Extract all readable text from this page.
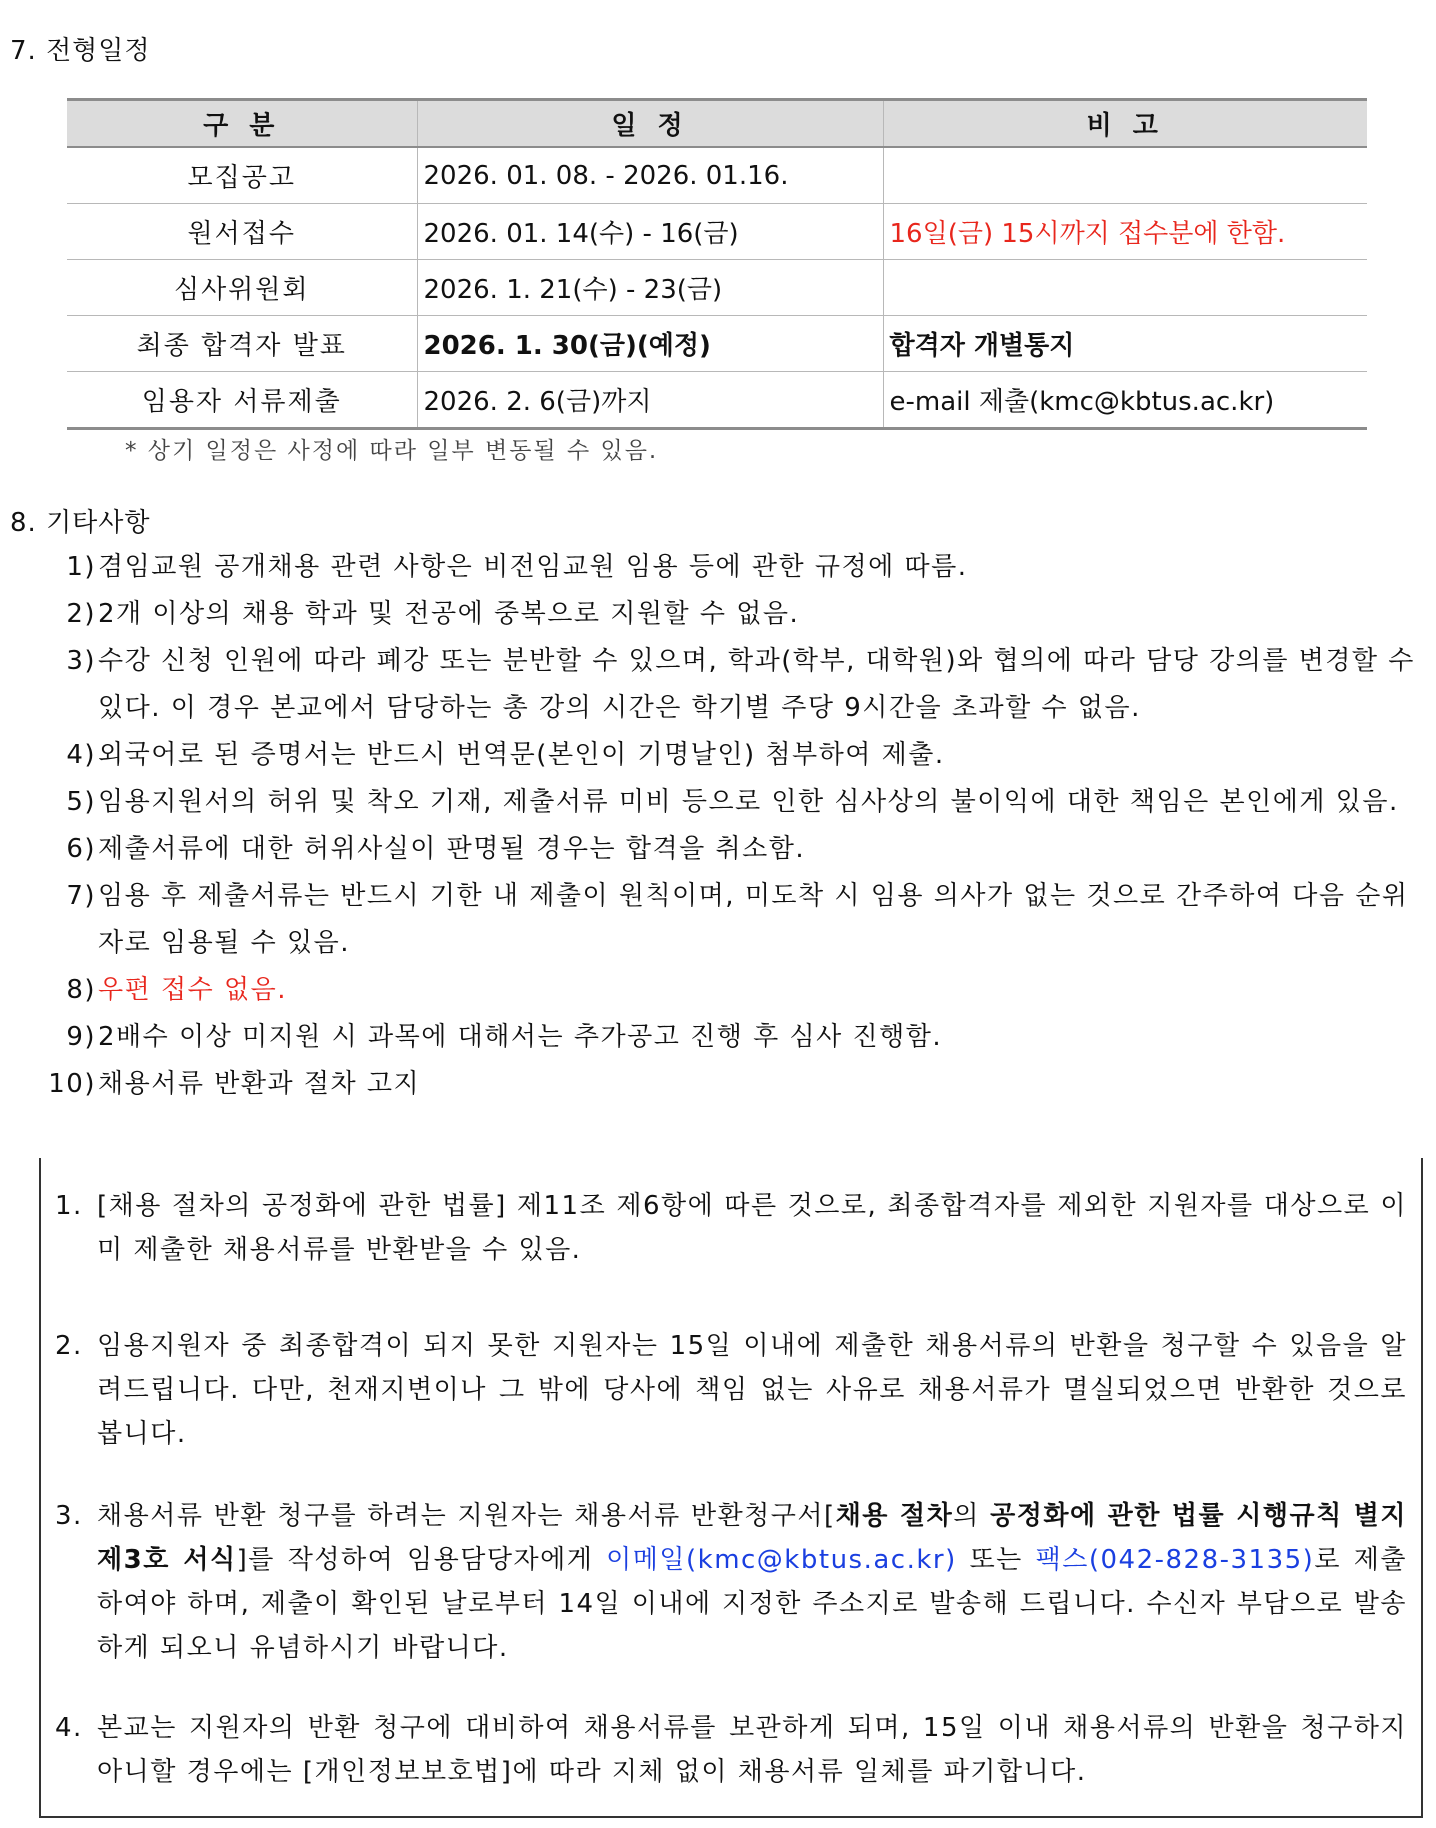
7. 전형일정
구 분	일 정	비 고
모집공고	2026. 01. 08. - 2026. 01.16.	
원서접수	2026. 01. 14(수) - 16(금)	16일(금) 15시까지 접수분에 한함.
심사위원회	2026. 1. 21(수) - 23(금)	
최종 합격자 발표	2026. 1. 30(금)(예정)	합격자 개별통지
임용자 서류제출	2026. 2. 6(금)까지	e-mail 제출(kmc@kbtus.ac.kr)
* 상기 일정은 사정에 따라 일부 변동될 수 있음.
8. 기타사항
1) 겸임교원 공개채용 관련 사항은 비전임교원 임용 등에 관한 규정에 따름.
2) 2개 이상의 채용 학과 및 전공에 중복으로 지원할 수 없음.
3) 수강 신청 인원에 따라 폐강 또는 분반할 수 있으며, 학과(학부, 대학원)와 협의에 따라 담당 강의를 변경할 수 있다. 이 경우 본교에서 담당하는 총 강의 시간은 학기별 주당 9시간을 초과할 수 없음.
4) 외국어로 된 증명서는 반드시 번역문(본인이 기명날인) 첨부하여 제출.
5) 임용지원서의 허위 및 착오 기재, 제출서류 미비 등으로 인한 심사상의 불이익에 대한 책임은 본인에게 있음.
6) 제출서류에 대한 허위사실이 판명될 경우는 합격을 취소함.
7) 임용 후 제출서류는 반드시 기한 내 제출이 원칙이며, 미도착 시 임용 의사가 없는 것으로 간주하여 다음 순위자로 임용될 수 있음.
8) 우편 접수 없음.
9) 2배수 이상 미지원 시 과목에 대해서는 추가공고 진행 후 심사 진행함.
10) 채용서류 반환과 절차 고지
1. [채용 절차의 공정화에 관한 법률] 제11조 제6항에 따른 것으로, 최종합격자를 제외한 지원자를 대상으로 이미 제출한 채용서류를 반환받을 수 있음.
2. 임용지원자 중 최종합격이 되지 못한 지원자는 15일 이내에 제출한 채용서류의 반환을 청구할 수 있음을 알려드립니다. 다만, 천재지변이나 그 밖에 당사에 책임 없는 사유로 채용서류가 멸실되었으면 반환한 것으로 봅니다.
3. 채용서류 반환 청구를 하려는 지원자는 채용서류 반환청구서[채용 절차의 공정화에 관한 법률 시행규칙 별지 제3호 서식]를 작성하여 임용담당자에게 이메일(kmc@kbtus.ac.kr) 또는 팩스(042-828-3135)로 제출하여야 하며, 제출이 확인된 날로부터 14일 이내에 지정한 주소지로 발송해 드립니다. 수신자 부담으로 발송하게 되오니 유념하시기 바랍니다.
4. 본교는 지원자의 반환 청구에 대비하여 채용서류를 보관하게 되며, 15일 이내 채용서류의 반환을 청구하지 아니할 경우에는 [개인정보보호법]에 따라 지체 없이 채용서류 일체를 파기합니다.
